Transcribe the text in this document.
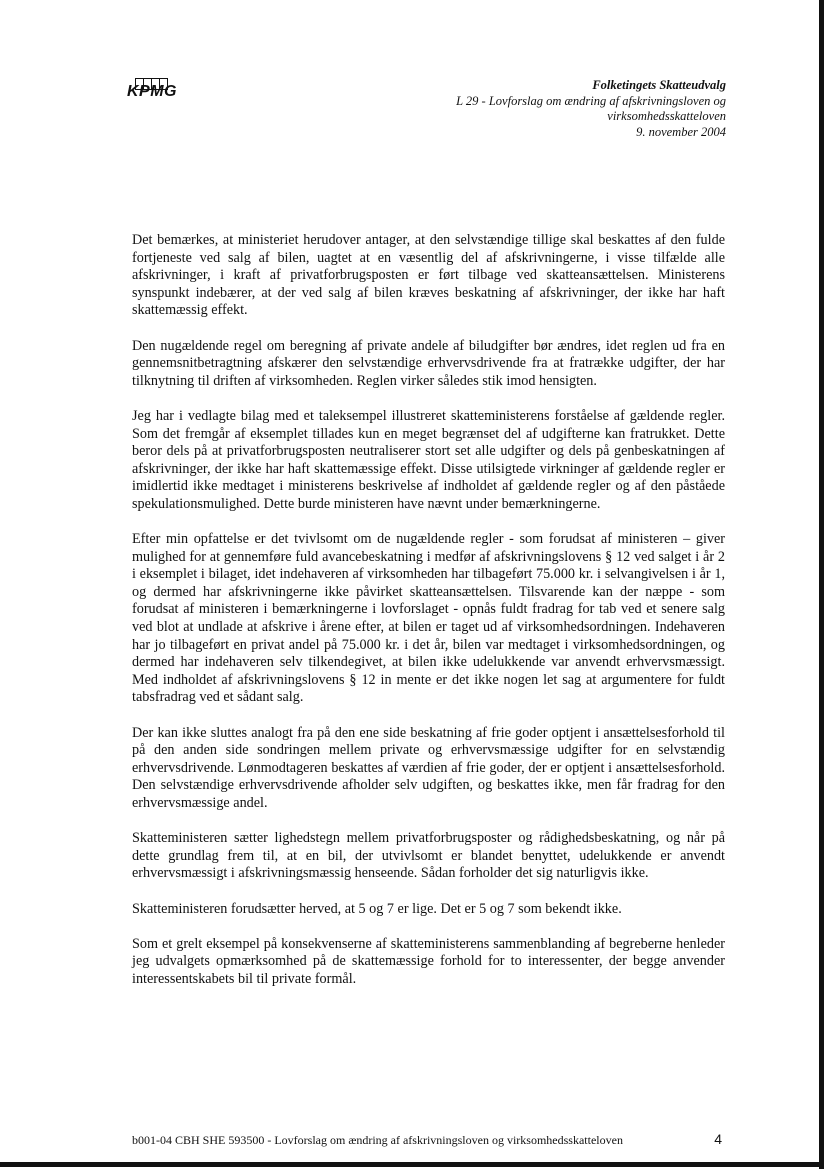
KPMG	Folketingets Skatteudvalg
L 29 - Lovforslag om ændring af afskrivningsloven og
virksomhedsskatteloven
9. november 2004

Det bemærkes, at ministeriet herudover antager, at den selvstændige tillige skal beskattes af den fulde fortjeneste ved salg af bilen, uagtet at en væsentlig del af afskrivningerne, i visse tilfælde alle afskrivninger, i kraft af privatforbrugsposten er ført tilbage ved skatteansættelsen. Ministerens synspunkt indebærer, at der ved salg af bilen kræves beskatning af afskrivninger, der ikke har haft skattemæssig effekt.

Den nugældende regel om beregning af private andele af biludgifter bør ændres, idet reglen ud fra en gennemsnitbetragtning afskærer den selvstændige erhvervsdrivende fra at fratrække udgifter, der har tilknytning til driften af virksomheden. Reglen virker således stik imod hensigten.

Jeg har i vedlagte bilag med et taleksempel illustreret skatteministerens forståelse af gældende regler. Som det fremgår af eksemplet tillades kun en meget begrænset del af udgifterne kan fratrukket. Dette beror dels på at privatforbrugsposten neutraliserer stort set alle udgifter og dels på genbeskatningen af afskrivninger, der ikke har haft skattemæssige effekt. Disse utilsigtede virkninger af gældende regler er imidlertid ikke medtaget i ministerens beskrivelse af indholdet af gældende regler og af den påståede spekulationsmulighed. Dette burde ministeren have nævnt under bemærkningerne.

Efter min opfattelse er det tvivlsomt om de nugældende regler - som forudsat af ministeren – giver mulighed for at gennemføre fuld avancebeskatning i medfør af afskrivningslovens § 12 ved salget i år 2 i eksemplet i bilaget, idet indehaveren af virksomheden har tilbageført 75.000 kr. i selvangivelsen i år 1, og dermed har afskrivningerne ikke påvirket skatteansættelsen. Tilsvarende kan der næppe - som forudsat af ministeren i bemærkningerne i lovforslaget - opnås fuldt fradrag for tab ved et senere salg ved blot at undlade at afskrive i årene efter, at bilen er taget ud af virksomhedsordningen. Indehaveren har jo tilbageført en privat andel på 75.000 kr. i det år, bilen var medtaget i virksomhedsordningen, og dermed har indehaveren selv tilkendegivet, at bilen ikke udelukkende var anvendt erhvervsmæssigt. Med indholdet af afskrivningslovens § 12 in mente er det ikke nogen let sag at argumentere for fuldt tabsfradrag ved et sådant salg.

Der kan ikke sluttes analogt fra på den ene side beskatning af frie goder optjent i ansættelsesforhold til på den anden side sondringen mellem private og erhvervsmæssige udgifter for en selvstændig erhvervsdrivende. Lønmodtageren beskattes af værdien af frie goder, der er optjent i ansættelsesforhold. Den selvstændige erhvervsdrivende afholder selv udgiften, og beskattes ikke, men får fradrag for den erhvervsmæssige andel.

Skatteministeren sætter lighedstegn mellem privatforbrugsposter og rådighedsbeskatning, og når på dette grundlag frem til, at en bil, der utvivlsomt er blandet benyttet, udelukkende er anvendt erhvervsmæssigt i afskrivningsmæssig henseende. Sådan forholder det sig naturligvis ikke.

Skatteministeren forudsætter herved, at 5 og 7 er lige. Det er 5 og 7 som bekendt ikke.

Som et grelt eksempel på konsekvenserne af skatteministerens sammenblanding af begreberne henleder jeg udvalgets opmærksomhed på de skattemæssige forhold for to interessenter, der begge anvender interessentskabets bil til private formål.

b001-04 CBH SHE 593500 - Lovforslag om ændring af afskrivningsloven og virksomhedsskatteloven	4
